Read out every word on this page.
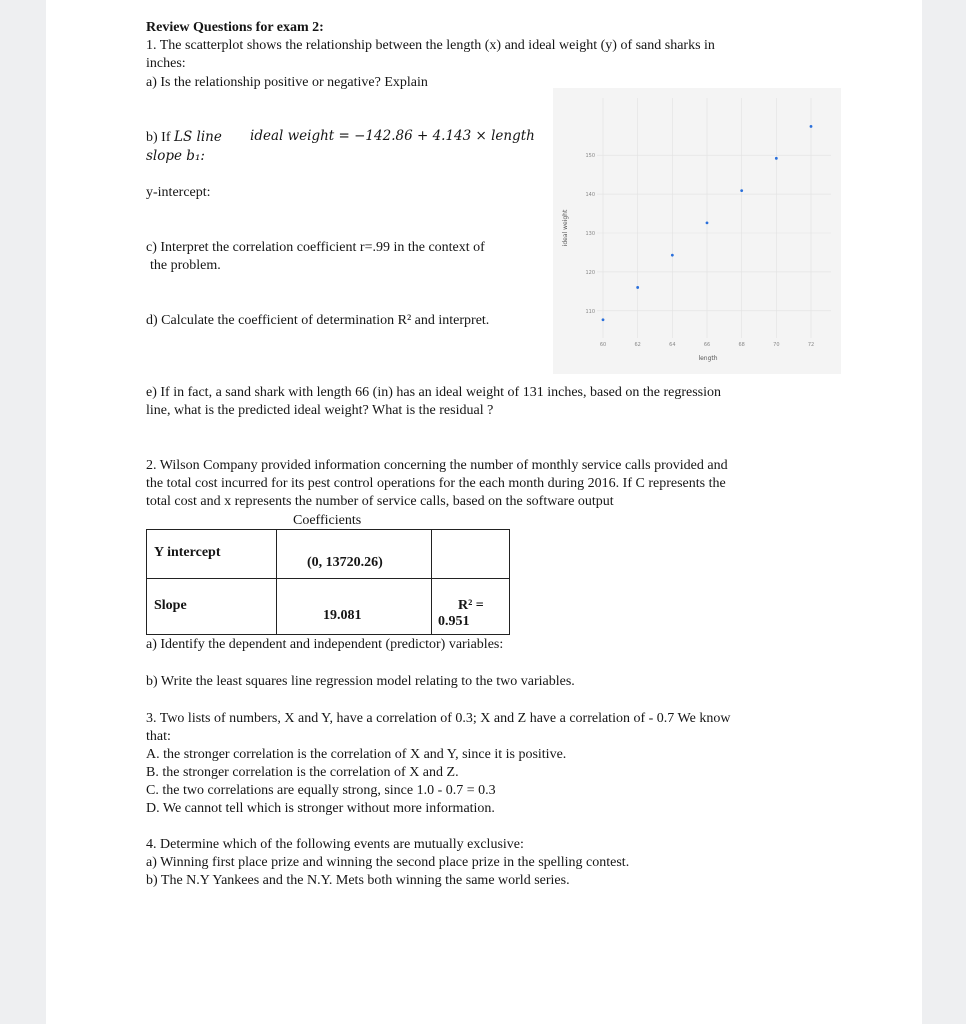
Review Questions for exam 2:
1. The scatterplot shows the relationship between the length (x) and ideal weight (y) of sand sharks in
inches:
a) Is the relationship positive or negative? Explain
b) If LS line ideal weight = −142.86 + 4.143 × length
slope b₁:
y-intercept:
c) Interpret the correlation coefficient r=.99 in the context of
the problem.
d) Calculate the coefficient of determination R² and interpret.
60	62	64	66	68	70	72
110
120
130
140
150
length
ideal weight
e) If in fact, a sand shark with length 66 (in) has an ideal weight of 131 inches, based on the regression
line, what is the predicted ideal weight? What is the residual ?
2. Wilson Company provided information concerning the number of monthly service calls provided and
the total cost incurred for its pest control operations for the each month during 2016. If C represents the
total cost and x represents the number of service calls, based on the software output
Coefficients
Y intercept	(0, 13720.26)	

Slope	19.081	R² =
0.951
a) Identify the dependent and independent (predictor) variables:
b) Write the least squares line regression model relating to the two variables.
3. Two lists of numbers, X and Y, have a correlation of 0.3; X and Z have a correlation of - 0.7 We know
that:
A. the stronger correlation is the correlation of X and Y, since it is positive.
B. the stronger correlation is the correlation of X and Z.
C. the two correlations are equally strong, since 1.0 - 0.7 = 0.3
D. We cannot tell which is stronger without more information.
4. Determine which of the following events are mutually exclusive:
a) Winning first place prize and winning the second place prize in the spelling contest.
b) The N.Y Yankees and the N.Y. Mets both winning the same world series.
